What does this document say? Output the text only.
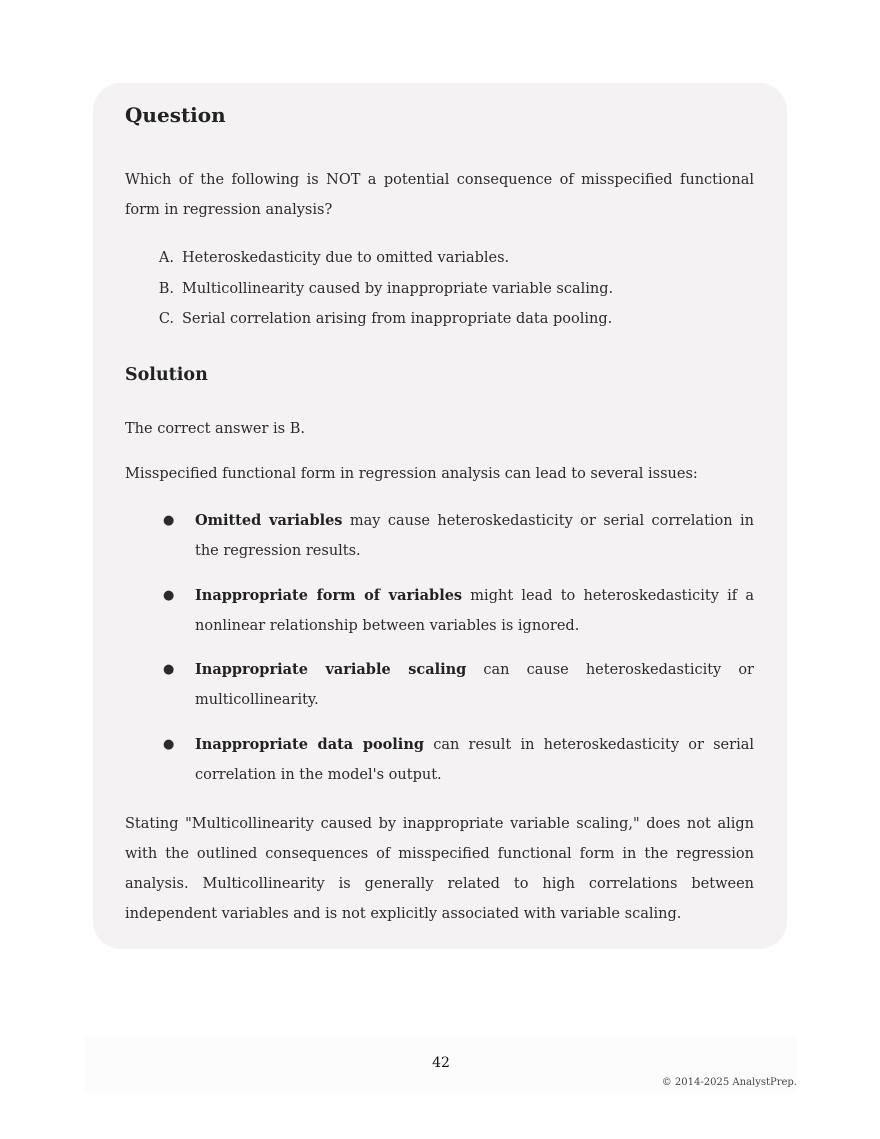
Question

Which of the following is NOT a potential consequence of misspecified functional form in regression analysis?

A. Heteroskedasticity due to omitted variables.
B. Multicollinearity caused by inappropriate variable scaling.
C. Serial correlation arising from inappropriate data pooling.
Solution

The correct answer is B.

Misspecified functional form in regression analysis can lead to several issues:

● Omitted variables may cause heteroskedasticity or serial correlation in the regression results.
● Inappropriate form of variables might lead to heteroskedasticity if a nonlinear relationship between variables is ignored.
● Inappropriate variable scaling can cause heteroskedasticity or multicollinearity.
● Inappropriate data pooling can result in heteroskedasticity or serial correlation in the model's output.

Stating "Multicollinearity caused by inappropriate variable scaling," does not align with the outlined consequences of misspecified functional form in the regression analysis. Multicollinearity is generally related to high correlations between independent variables and is not explicitly associated with variable scaling.

42
© 2014-2025 AnalystPrep.
